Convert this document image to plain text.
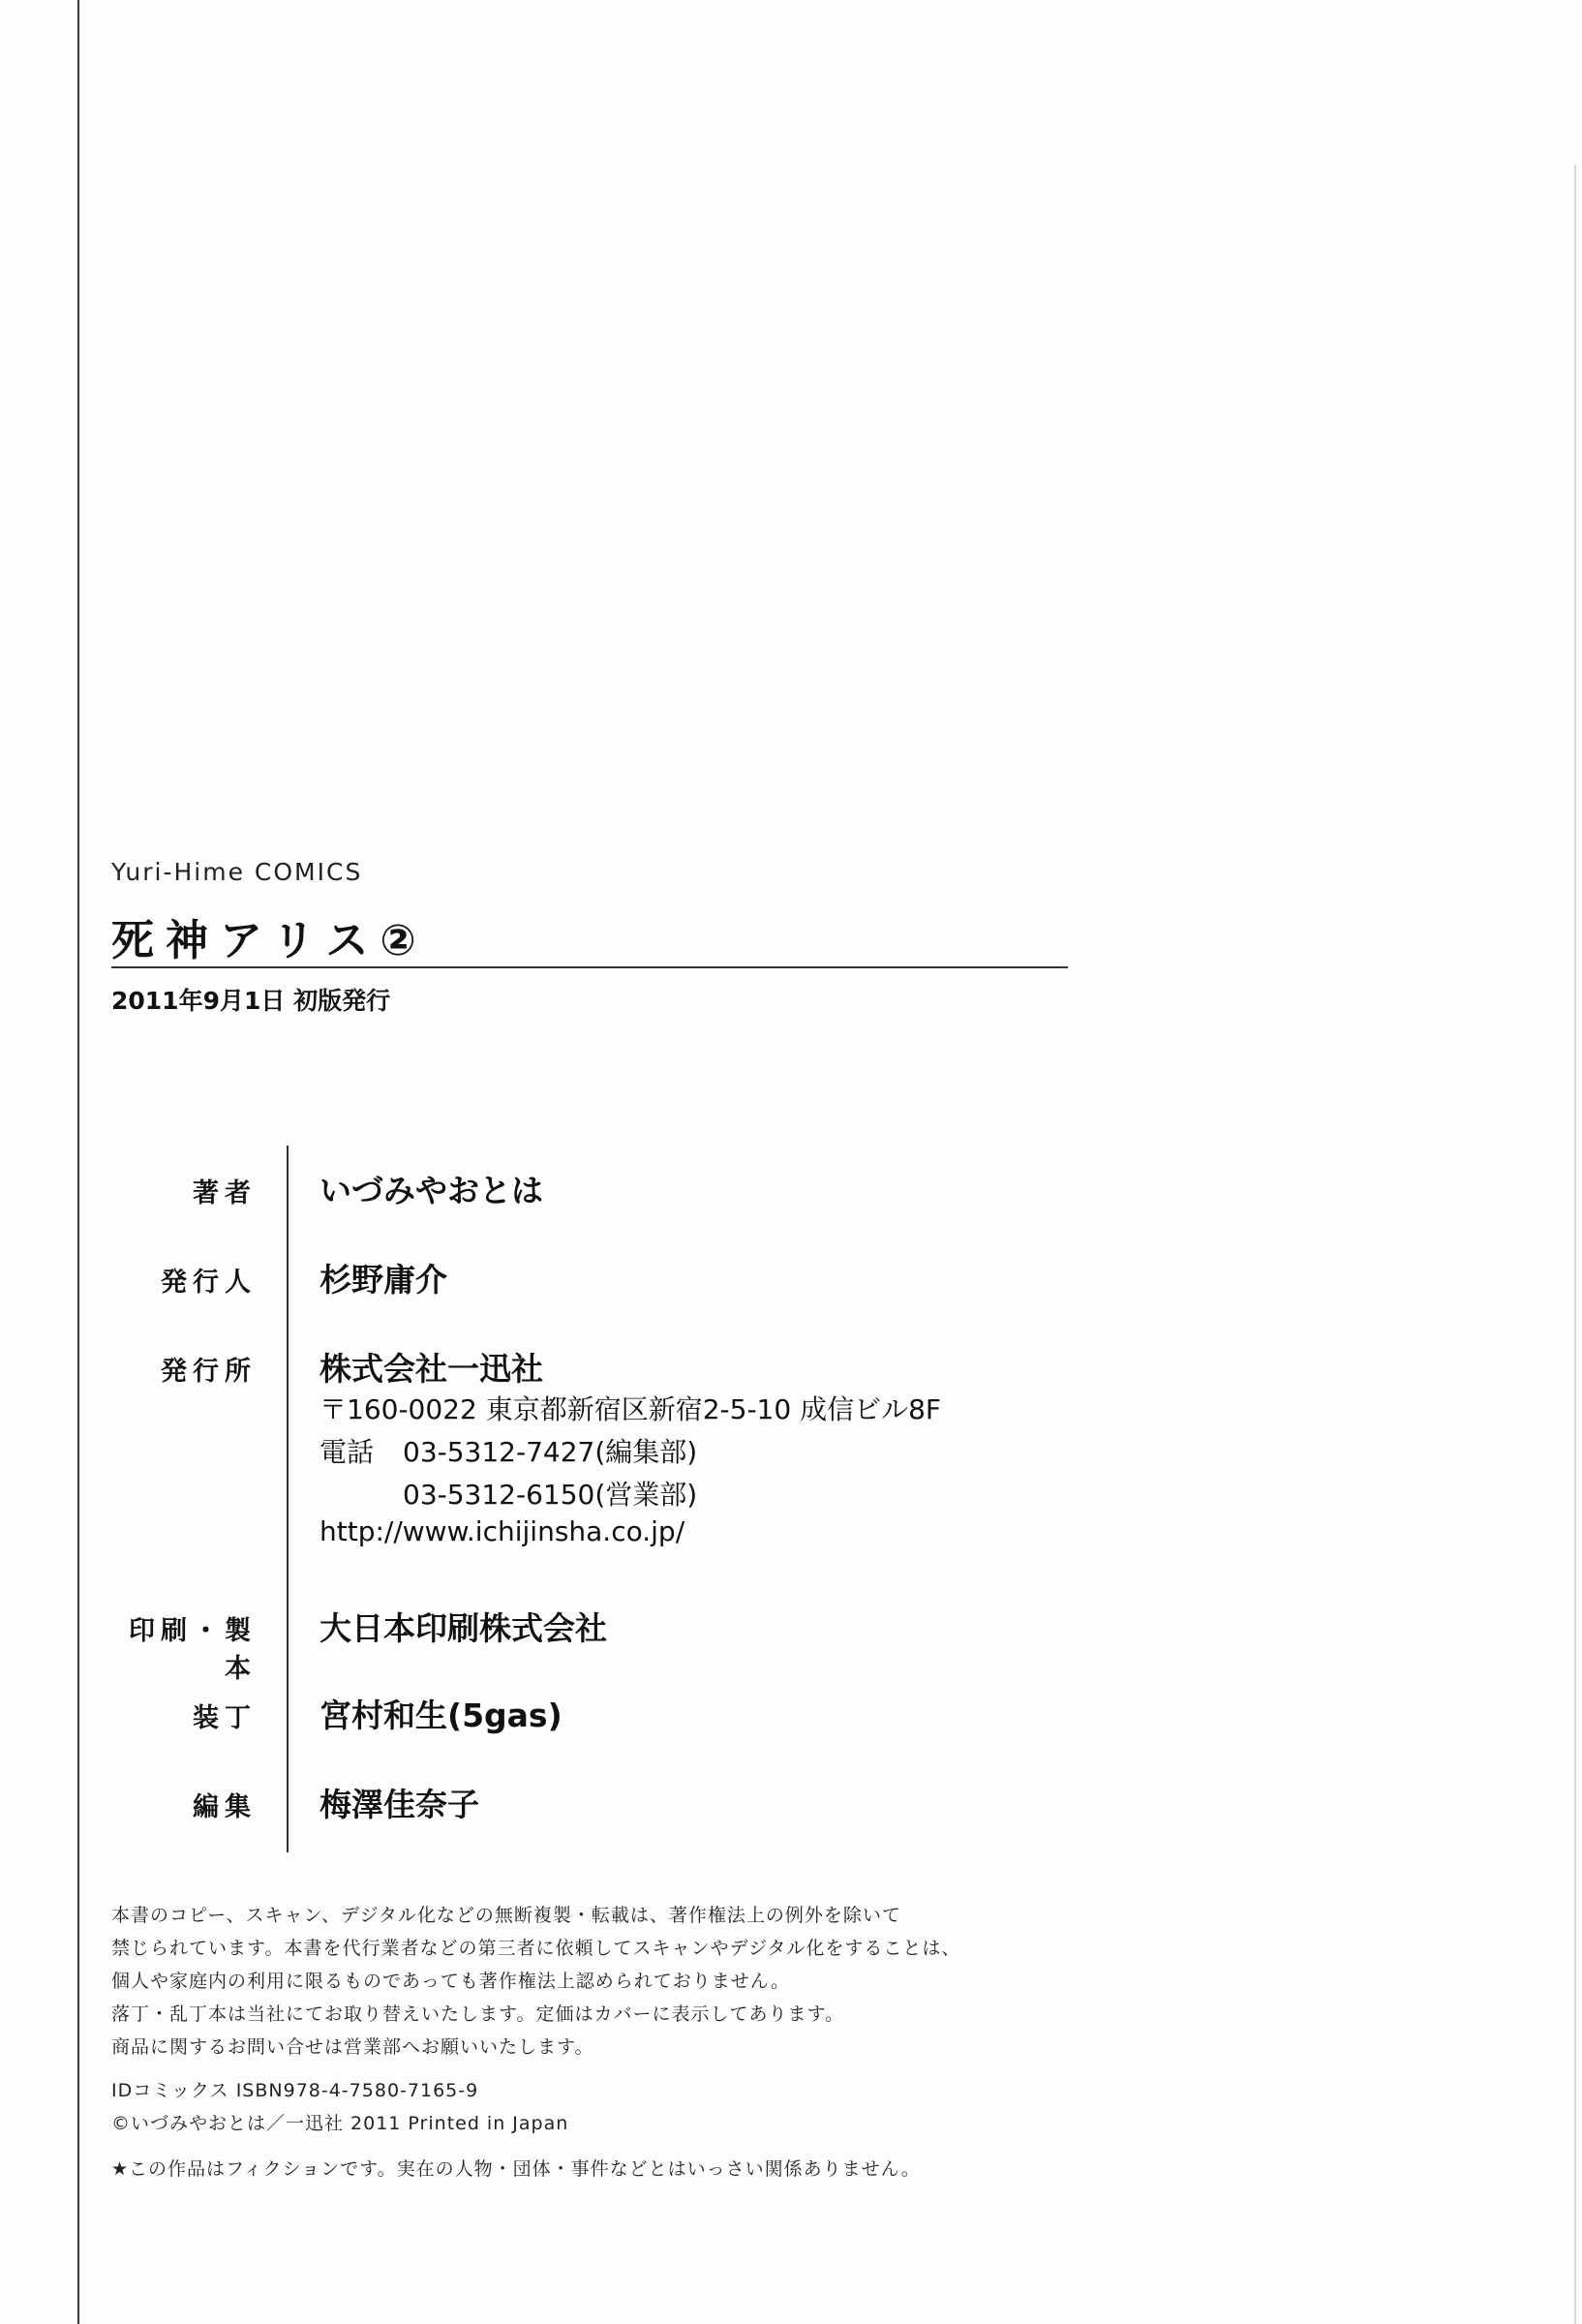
Yuri-Hime COMICS
死神アリス②
2011年9月1日 初版発行
著者 いづみやおとは
発行人 杉野庸介
発行所 株式会社一迅社
〒160-0022 東京都新宿区新宿2-5-10 成信ビル8F
電話 03-5312-7427(編集部)
03-5312-6150(営業部)
http://www.ichijinsha.co.jp/
印刷・製本
大日本印刷株式会社
装丁 宮村和生(5gas)
編集 梅澤佳奈子
本書のコピー、スキャン、デジタル化などの無断複製・転載は、著作権法上の例外を除いて
禁じられています。本書を代行業者などの第三者に依頼してスキャンやデジタル化をすることは、
個人や家庭内の利用に限るものであっても著作権法上認められておりません。
落丁・乱丁本は当社にてお取り替えいたします。定価はカバーに表示してあります。
商品に関するお問い合せは営業部へお願いいたします。
IDコミックス ISBN978-4-7580-7165-9
©いづみやおとは／一迅社 2011 Printed in Japan
★この作品はフィクションです。実在の人物・団体・事件などとはいっさい関係ありません。
